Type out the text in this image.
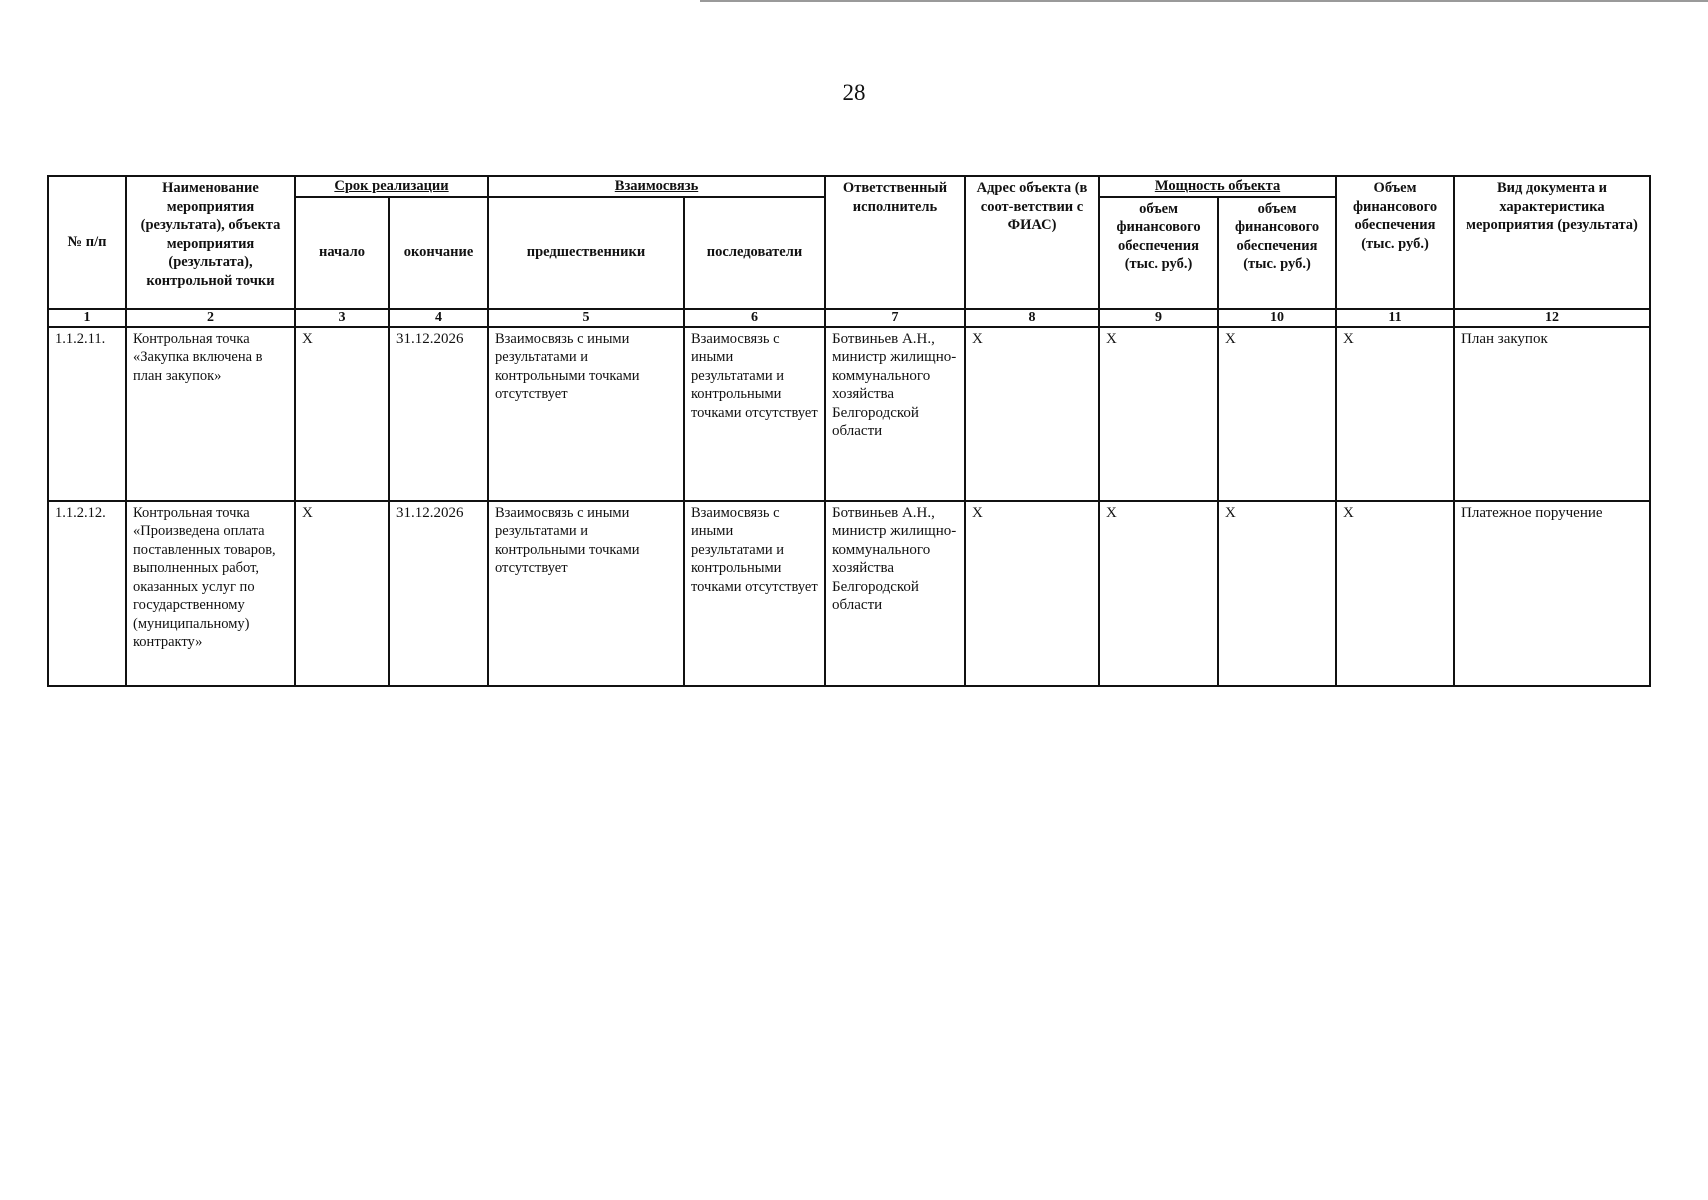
28
№ п/п	Наименование мероприятия (результата), объекта мероприятия (результата), контрольной точки	Срок реализации		Взаимосвязь		Ответственный исполнитель	Адрес объекта (в соот-ветствии с ФИАС)	Мощность объекта		Объем финансового обеспечения (тыс. руб.)	Вид документа и характеристика мероприятия (результата)
		начало	окончание	предшественники	последователи			объем финансового обеспечения (тыс. руб.)	объем финансового обеспечения (тыс. руб.)		
1	2	3	4	5	6	7	8	9	10	11	12
1.1.2.11.	Контрольная точка «Закупка включена в план закупок»	X	31.12.2026	Взаимосвязь с иными результатами и контрольными точками отсутствует	Взаимосвязь с иными результатами и контрольными точками отсутствует	Ботвиньев А.Н., министр жилищно-коммунального хозяйства Белгородской области	X	X	X	X	План закупок
1.1.2.12.	Контрольная точка «Произведена оплата поставленных товаров, выполненных работ, оказанных услуг по государственному (муниципальному) контракту»	X	31.12.2026	Взаимосвязь с иными результатами и контрольными точками отсутствует	Взаимосвязь с иными результатами и контрольными точками отсутствует	Ботвиньев А.Н., министр жилищно-коммунального хозяйства Белгородской области	X	X	X	X	Платежное поручение
